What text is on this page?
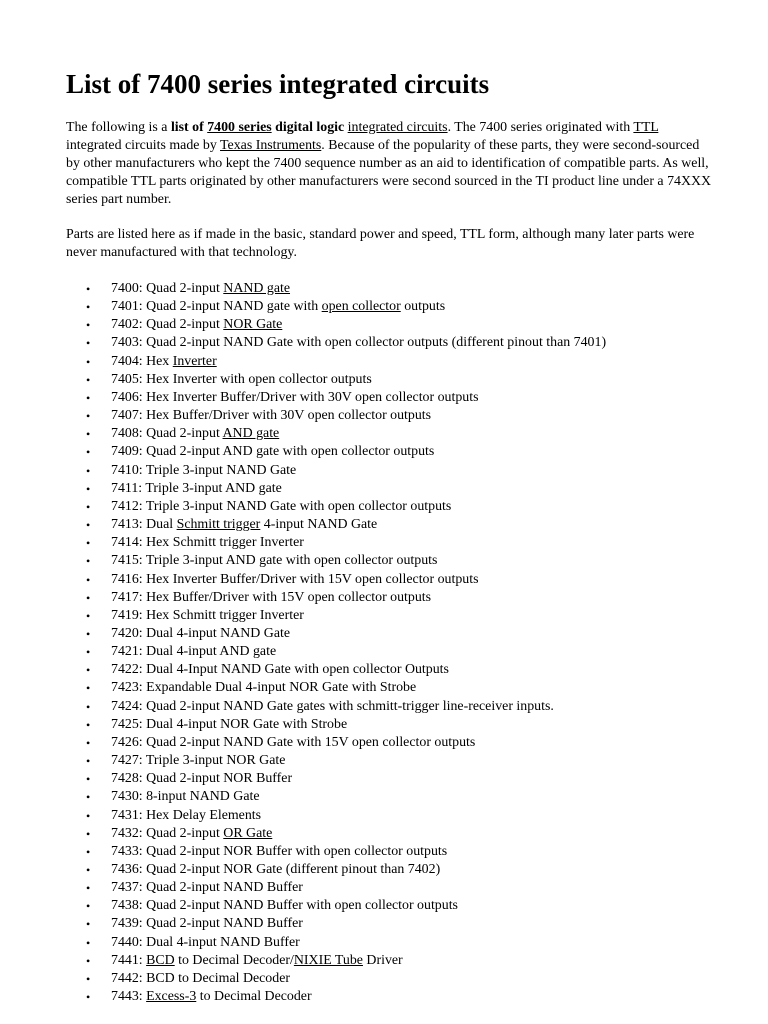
List of 7400 series integrated circuits

The following is a list of 7400 series digital logic integrated circuits. The 7400 series originated with TTL integrated circuits made by Texas Instruments. Because of the popularity of these parts, they were second-sourced by other manufacturers who kept the 7400 sequence number as an aid to identification of compatible parts. As well, compatible TTL parts originated by other manufacturers were second sourced in the TI product line under a 74XXX series part number.

Parts are listed here as if made in the basic, standard power and speed, TTL form, although many later parts were never manufactured with that technology.

• 7400: Quad 2-input NAND gate
• 7401: Quad 2-input NAND gate with open collector outputs
• 7402: Quad 2-input NOR Gate
• 7403: Quad 2-input NAND Gate with open collector outputs (different pinout than 7401)
• 7404: Hex Inverter
• 7405: Hex Inverter with open collector outputs
• 7406: Hex Inverter Buffer/Driver with 30V open collector outputs
• 7407: Hex Buffer/Driver with 30V open collector outputs
• 7408: Quad 2-input AND gate
• 7409: Quad 2-input AND gate with open collector outputs
• 7410: Triple 3-input NAND Gate
• 7411: Triple 3-input AND gate
• 7412: Triple 3-input NAND Gate with open collector outputs
• 7413: Dual Schmitt trigger 4-input NAND Gate
• 7414: Hex Schmitt trigger Inverter
• 7415: Triple 3-input AND gate with open collector outputs
• 7416: Hex Inverter Buffer/Driver with 15V open collector outputs
• 7417: Hex Buffer/Driver with 15V open collector outputs
• 7419: Hex Schmitt trigger Inverter
• 7420: Dual 4-input NAND Gate
• 7421: Dual 4-input AND gate
• 7422: Dual 4-Input NAND Gate with open collector Outputs
• 7423: Expandable Dual 4-input NOR Gate with Strobe
• 7424: Quad 2-input NAND Gate gates with schmitt-trigger line-receiver inputs.
• 7425: Dual 4-input NOR Gate with Strobe
• 7426: Quad 2-input NAND Gate with 15V open collector outputs
• 7427: Triple 3-input NOR Gate
• 7428: Quad 2-input NOR Buffer
• 7430: 8-input NAND Gate
• 7431: Hex Delay Elements
• 7432: Quad 2-input OR Gate
• 7433: Quad 2-input NOR Buffer with open collector outputs
• 7436: Quad 2-input NOR Gate (different pinout than 7402)
• 7437: Quad 2-input NAND Buffer
• 7438: Quad 2-input NAND Buffer with open collector outputs
• 7439: Quad 2-input NAND Buffer
• 7440: Dual 4-input NAND Buffer
• 7441: BCD to Decimal Decoder/NIXIE Tube Driver
• 7442: BCD to Decimal Decoder
• 7443: Excess-3 to Decimal Decoder
